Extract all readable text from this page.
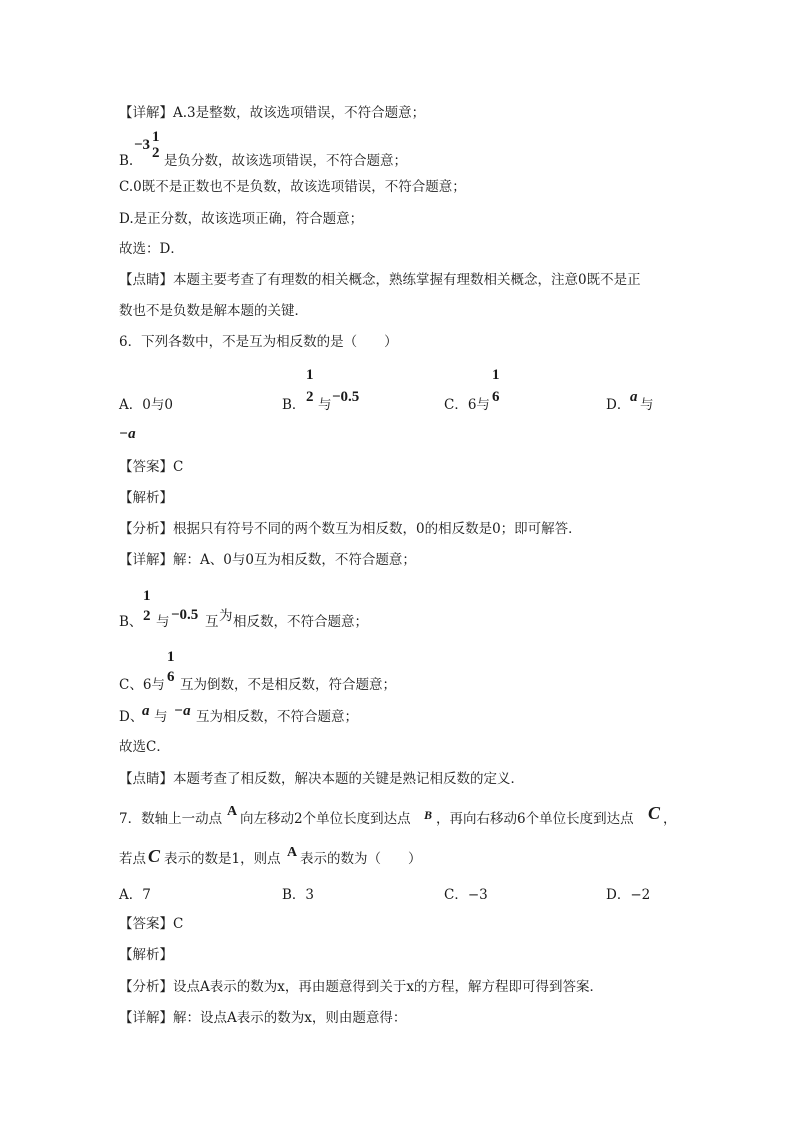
【详解】A.3是整数，故该选项错误，不符合题意；
B.
−3 1
2 是负分数，故该选项错误，不符合题意；
C.0既不是正数也不是负数，故该选项错误，不符合题意；
D.是正分数，故该选项正确，符合题意；
故选：D．
【点睛】本题主要考查了有理数的相关概念，熟练掌握有理数相关概念，注意0既不是正
数也不是负数是解本题的关键．
6．下列各数中，不是互为相反数的是（　　）
A．0与0	B．
1
2 与 −0.5	C．6与
1
6	D． a 与
−a
【答案】C
【解析】
【分析】根据只有符号不同的两个数互为相反数，0的相反数是0；即可解答．
【详解】解：A、0与0互为相反数，不符合题意；
B、
1
2 与 −0.5 互 为 相反数，不符合题意；
C、6与
1
6 互为倒数，不是相反数，符合题意；
D、
a 与 −a 互为相反数，不符合题意；
故选C．
【点睛】本题考查了相反数，解决本题的关键是熟记相反数的定义．
7．数轴上一动点 A 向左移动2个单位长度到达点 B ，再向右移动6个单位长度到达点 C ，
若点 C 表示的数是1，则点 A 表示的数为（　　）
A．7	B．3	C．−3	D．−2
【答案】C
【解析】
【分析】设点A表示的数为x，再由题意得到关于x的方程，解方程即可得到答案．
【详解】解：设点A表示的数为x，则由题意得：
